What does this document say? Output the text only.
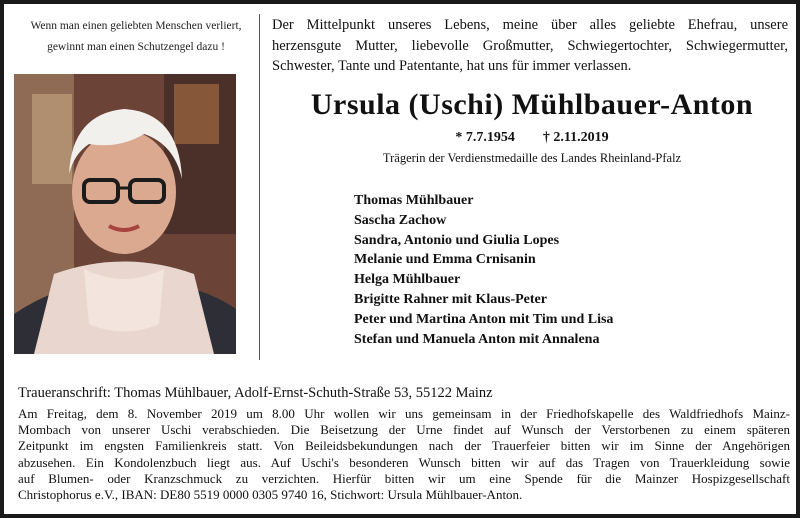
Wenn man einen geliebten Menschen verliert,
gewinnt man einen Schutzengel dazu !
Der Mittelpunkt unseres Lebens, meine über alles geliebte Ehefrau, unsere
herzensgute Mutter, liebevolle Großmutter, Schwiegertochter, Schwiegermutter,
Schwester, Tante und Patentante, hat uns für immer verlassen.
Ursula (Uschi) Mühlbauer-Anton
* 7.7.1954 † 2.11.2019
Trägerin der Verdienstmedaille des Landes Rheinland-Pfalz
Thomas Mühlbauer
Sascha Zachow
Sandra, Antonio und Giulia Lopes
Melanie und Emma Crnisanin
Helga Mühlbauer
Brigitte Rahner mit Klaus-Peter
Peter und Martina Anton mit Tim und Lisa
Stefan und Manuela Anton mit Annalena
Traueranschrift: Thomas Mühlbauer, Adolf-Ernst-Schuth-Straße 53, 55122 Mainz
Am Freitag, dem 8. November 2019 um 8.00 Uhr wollen wir uns gemeinsam in der Friedhofskapelle des Waldfriedhofs Mainz-
Mombach von unserer Uschi verabschieden. Die Beisetzung der Urne findet auf Wunsch der Verstorbenen zu einem späteren
Zeitpunkt im engsten Familienkreis statt. Von Beileidsbekundungen nach der Trauerfeier bitten wir im Sinne der Angehörigen
abzusehen. Ein Kondolenzbuch liegt aus. Auf Uschi's besonderen Wunsch bitten wir auf das Tragen von Trauerkleidung sowie
auf Blumen- oder Kranzschmuck zu verzichten. Hierfür bitten wir um eine Spende für die Mainzer Hospizgesellschaft
Christophorus e.V., IBAN: DE80 5519 0000 0305 9740 16, Stichwort: Ursula Mühlbauer-Anton.
